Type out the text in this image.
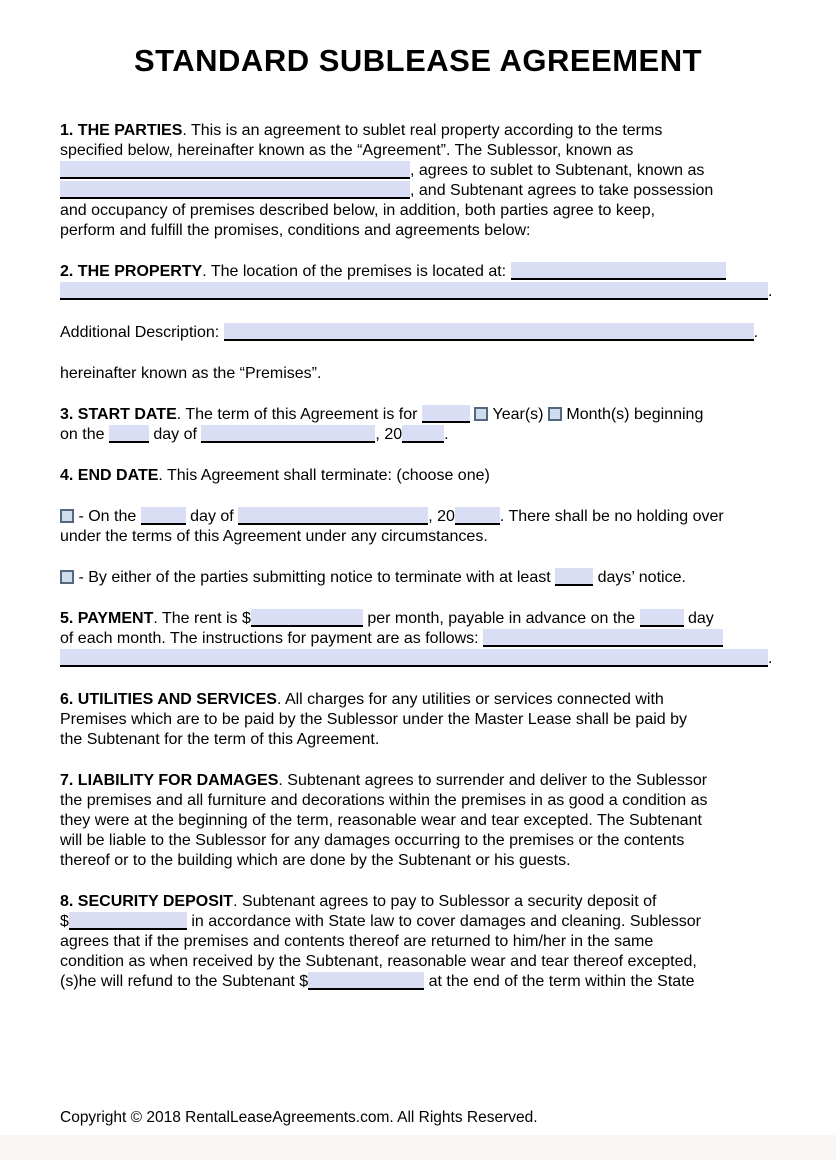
STANDARD SUBLEASE AGREEMENT

1. THE PARTIES. This is an agreement to sublet real property according to the terms
specified below, hereinafter known as the “Agreement”. The Sublessor, known as
, agrees to sublet to Subtenant, known as
, and Subtenant agrees to take possession
and occupancy of premises described below, in addition, both parties agree to keep,
perform and fulfill the promises, conditions and agreements below:

2. THE PROPERTY. The location of the premises is located at:
.

Additional Description:	.

hereinafter known as the “Premises”.

3. START DATE. The term of this Agreement is for	Year(s)  Month(s) beginning
on the	day of	, 20	.

4. END DATE. This Agreement shall terminate: (choose one)

- On the	day of	, 20	. There shall be no holding over
under the terms of this Agreement under any circumstances.

- By either of the parties submitting notice to terminate with at least  days’ notice.

5. PAYMENT. The rent is $	per month, payable in advance on the	day
of each month. The instructions for payment are as follows:
.

6. UTILITIES AND SERVICES. All charges for any utilities or services connected with
Premises which are to be paid by the Sublessor under the Master Lease shall be paid by
the Subtenant for the term of this Agreement.

7. LIABILITY FOR DAMAGES. Subtenant agrees to surrender and deliver to the Sublessor
the premises and all furniture and decorations within the premises in as good a condition as
they were at the beginning of the term, reasonable wear and tear excepted. The Subtenant
will be liable to the Sublessor for any damages occurring to the premises or the contents
thereof or to the building which are done by the Subtenant or his guests.

8. SECURITY DEPOSIT. Subtenant agrees to pay to Sublessor a security deposit of
$	in accordance with State law to cover damages and cleaning. Sublessor
agrees that if the premises and contents thereof are returned to him/her in the same
condition as when received by the Subtenant, reasonable wear and tear thereof excepted,
(s)he will refund to the Subtenant $	at the end of the term within the State

Copyright © 2018 RentalLeaseAgreements.com. All Rights Reserved.
